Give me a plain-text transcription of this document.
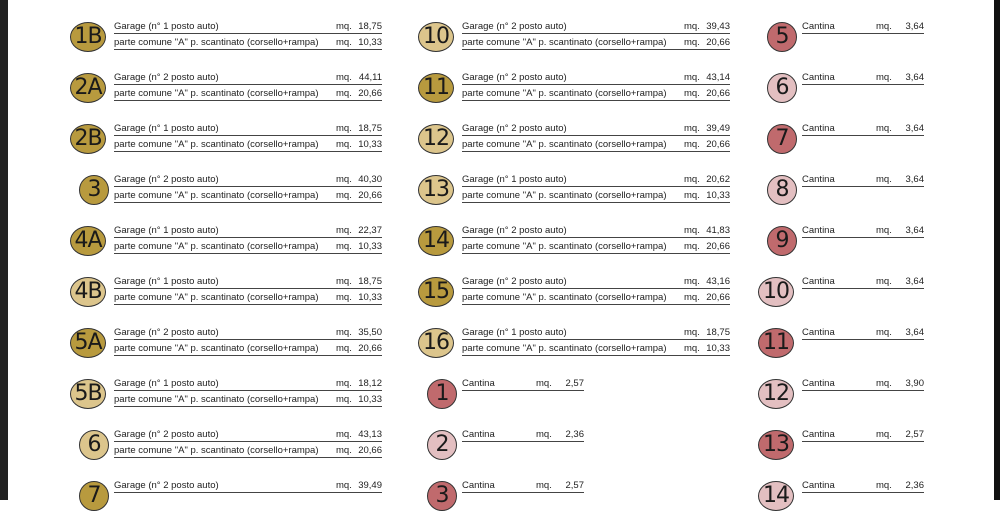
1B Garage (n° 1 posto auto)	mq. 18,75
parte comune "A" p. scantinato (corsello+rampa) mq. 10,33
2A Garage (n° 2 posto auto)	mq. 44,11
parte comune "A" p. scantinato (corsello+rampa) mq. 20,66
2B Garage (n° 1 posto auto)	mq. 18,75
parte comune "A" p. scantinato (corsello+rampa) mq. 10,33
3 Garage (n° 2 posto auto)	mq. 40,30
parte comune "A" p. scantinato (corsello+rampa) mq. 20,66
4A Garage (n° 1 posto auto)	mq. 22,37
parte comune "A" p. scantinato (corsello+rampa) mq. 10,33
4B Garage (n° 1 posto auto)	mq. 18,75
parte comune "A" p. scantinato (corsello+rampa) mq. 10,33
5A Garage (n° 2 posto auto)	mq. 35,50
parte comune "A" p. scantinato (corsello+rampa) mq. 20,66
5B Garage (n° 1 posto auto)	mq. 18,12
parte comune "A" p. scantinato (corsello+rampa) mq. 10,33
6 Garage (n° 2 posto auto)	mq. 43,13
parte comune "A" p. scantinato (corsello+rampa) mq. 20,66
7 Garage (n° 2 posto auto)	mq. 39,49
10 Garage (n° 2 posto auto)	mq. 39,43
parte comune "A" p. scantinato (corsello+rampa) mq. 20,66
11 Garage (n° 2 posto auto)	mq. 43,14
parte comune "A" p. scantinato (corsello+rampa) mq. 20,66
12 Garage (n° 2 posto auto)	mq. 39,49
parte comune "A" p. scantinato (corsello+rampa) mq. 20,66
13 Garage (n° 1 posto auto)	mq. 20,62
parte comune "A" p. scantinato (corsello+rampa) mq. 10,33
14 Garage (n° 2 posto auto)	mq. 41,83
parte comune "A" p. scantinato (corsello+rampa) mq. 20,66
15 Garage (n° 2 posto auto)	mq. 43,16
parte comune "A" p. scantinato (corsello+rampa) mq. 20,66
16 Garage (n° 1 posto auto)	mq. 18,75
parte comune "A" p. scantinato (corsello+rampa) mq. 10,33
1 Cantina	mq. 2,57
2 Cantina	mq. 2,36
3 Cantina	mq. 2,57
5 Cantina	mq. 3,64
6 Cantina	mq. 3,64
7 Cantina	mq. 3,64
8 Cantina	mq. 3,64
9 Cantina	mq. 3,64
10 Cantina	mq. 3,64
11 Cantina	mq. 3,64
12 Cantina	mq. 3,90
13 Cantina	mq. 2,57
14 Cantina	mq. 2,36
